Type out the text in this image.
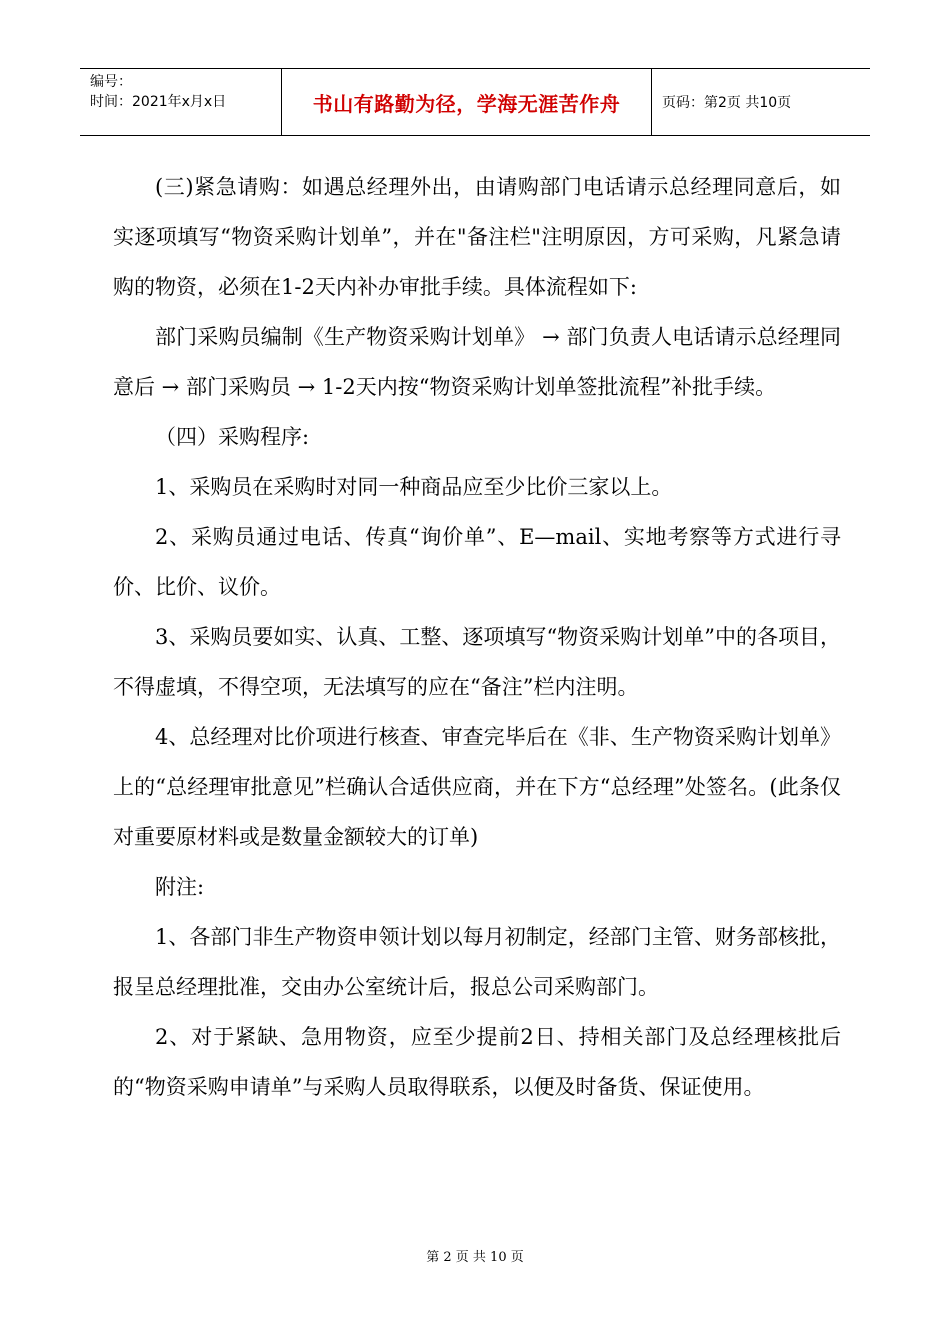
编号：
时间：2021年x月x日	书山有路勤为径，学海无涯苦作舟	页码：第2页 共10页

(三)紧急请购：如遇总经理外出，由请购部门电话请示总经理同意后，如实逐项填写“物资采购计划单”，并在"备注栏"注明原因，方可采购，凡紧急请购的物资，必须在1-2天内补办审批手续。具体流程如下:

部门采购员编制《生产物资采购计划单》 → 部门负责人电话请示总经理同意后 → 部门采购员 → 1-2天内按“物资采购计划单签批流程”补批手续。

（四）采购程序:

1、采购员在采购时对同一种商品应至少比价三家以上。

2、采购员通过电话、传真“询价单”、E—mail、实地考察等方式进行寻价、比价、议价。

3、采购员要如实、认真、工整、逐项填写“物资采购计划单”中的各项目，不得虚填，不得空项，无法填写的应在“备注”栏内注明。

4、总经理对比价项进行核查、审查完毕后在《非、生产物资采购计划单》上的“总经理审批意见”栏确认合适供应商，并在下方“总经理”处签名。(此条仅对重要原材料或是数量金额较大的订单)

附注:

1、各部门非生产物资申领计划以每月初制定，经部门主管、财务部核批，报呈总经理批准，交由办公室统计后，报总公司采购部门。

2、对于紧缺、急用物资，应至少提前2日、持相关部门及总经理核批后的“物资采购申请单”与采购人员取得联系，以便及时备货、保证使用。

第 2 页 共 10 页
